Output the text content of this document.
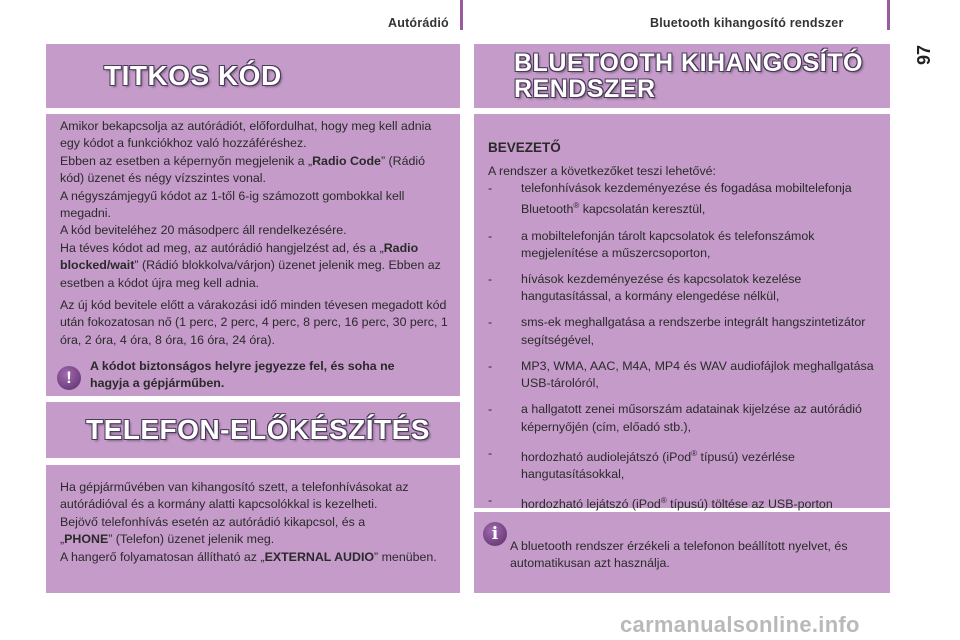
Autórádió	Bluetooth kihangosító rendszer
97
TITKOS KÓD
Amikor bekapcsolja az autórádiót, előfordulhat, hogy meg kell adnia egy kódot a funkciókhoz való hozzáféréshez.
Ebben az esetben a képernyőn megjelenik a „Radio Code” (Rádió kód) üzenet és négy vízszintes vonal.
A négyszámjegyű kódot az 1-től 6-ig számozott gombokkal kell megadni.
A kód beviteléhez 20 másodperc áll rendelkezésére.
Ha téves kódot ad meg, az autórádió hangjelzést ad, és a „Radio blocked/wait” (Rádió blokkolva/várjon) üzenet jelenik meg. Ebben az esetben a kódot újra meg kell adnia.
Az új kód bevitele előtt a várakozási idő minden tévesen megadott kód után fokozatosan nő (1 perc, 2 perc, 4 perc, 8 perc, 16 perc, 30 perc, 1 óra, 2 óra, 4 óra, 8 óra, 16 óra, 24 óra).
!
A kódot biztonságos helyre jegyezze fel, és soha ne hagyja a gépjárműben.
TELEFON-ELŐKÉSZÍTÉS
Ha gépjárművében van kihangosító szett, a telefonhívásokat az autórádióval és a kormány alatti kapcsolókkal is kezelheti.
Bejövő telefonhívás esetén az autórádió kikapcsol, és a
„PHONE” (Telefon) üzenet jelenik meg.
A hangerő folyamatosan állítható az „EXTERNAL AUDIO” menüben.
BLUETOOTH KIHANGOSÍTÓ
RENDSZER
BEVEZETŐ
A rendszer a következőket teszi lehetővé:
- telefonhívások kezdeményezése és fogadása mobiltelefonja Bluetooth® kapcsolatán keresztül,
- a mobiltelefonján tárolt kapcsolatok és telefonszámok megjelenítése a műszercsoporton,
- hívások kezdeményezése és kapcsolatok kezelése hangutasítással, a kormány elengedése nélkül,
- sms-ek meghallgatása a rendszerbe integrált hangszintetizátor segítségével,
- MP3, WMA, AAC, M4A, MP4 és WAV audiofájlok meghallgatása USB-tárolóról,
- a hallgatott zenei műsorszám adatainak kijelzése az autórádió képernyőjén (cím, előadó stb.),
- hordozható audiolejátszó (iPod® típusú) vezérlése hangutasításokkal,
- hordozható lejátszó (iPod® típusú) töltése az USB-porton
i
A bluetooth rendszer érzékeli a telefonon beállított nyelvet, és automatikusan azt használja.
carmanualsonline.info
